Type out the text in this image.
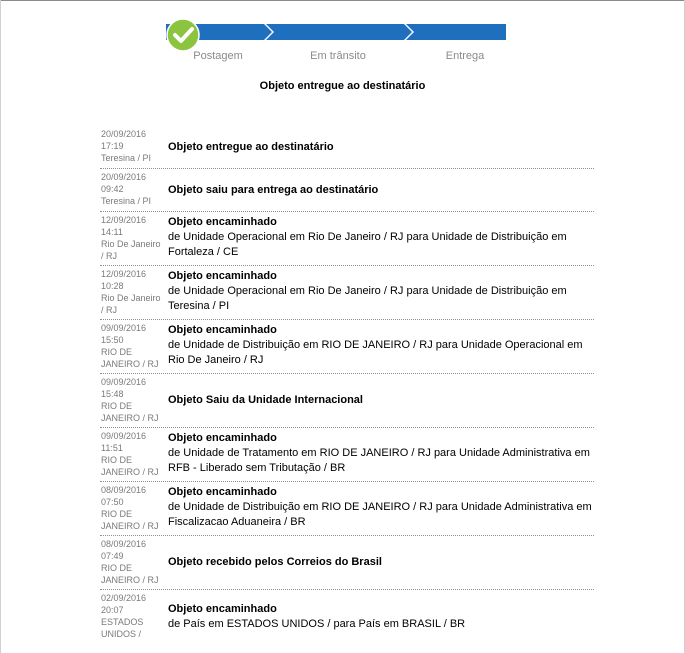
Postagem	Em trânsito	Entrega
Objeto entregue ao destinatário
20/09/2016
17:19
Teresina / PI
Objeto entregue ao destinatário
20/09/2016
09:42
Teresina / PI
Objeto saiu para entrega ao destinatário
12/09/2016
14:11
Rio De Janeiro / RJ
Objeto encaminhado
de Unidade Operacional em Rio De Janeiro / RJ para Unidade de Distribuição em Fortaleza / CE
12/09/2016
10:28
Rio De Janeiro / RJ
Objeto encaminhado
de Unidade Operacional em Rio De Janeiro / RJ para Unidade de Distribuição em Teresina / PI
09/09/2016
15:50
RIO DE JANEIRO / RJ
Objeto encaminhado
de Unidade de Distribuição em RIO DE JANEIRO / RJ para Unidade Operacional em Rio De Janeiro / RJ
09/09/2016
15:48
RIO DE JANEIRO / RJ
Objeto Saiu da Unidade Internacional
09/09/2016
11:51
RIO DE JANEIRO / RJ
Objeto encaminhado
de Unidade de Tratamento em RIO DE JANEIRO / RJ para Unidade Administrativa em RFB - Liberado sem Tributação / BR
08/09/2016
07:50
RIO DE JANEIRO / RJ
Objeto encaminhado
de Unidade de Distribuição em RIO DE JANEIRO / RJ para Unidade Administrativa em Fiscalizacao Aduaneira / BR
08/09/2016
07:49
RIO DE JANEIRO / RJ
Objeto recebido pelos Correios do Brasil
02/09/2016
20:07
ESTADOS UNIDOS /
Objeto encaminhado
de País em ESTADOS UNIDOS / para País em BRASIL / BR
